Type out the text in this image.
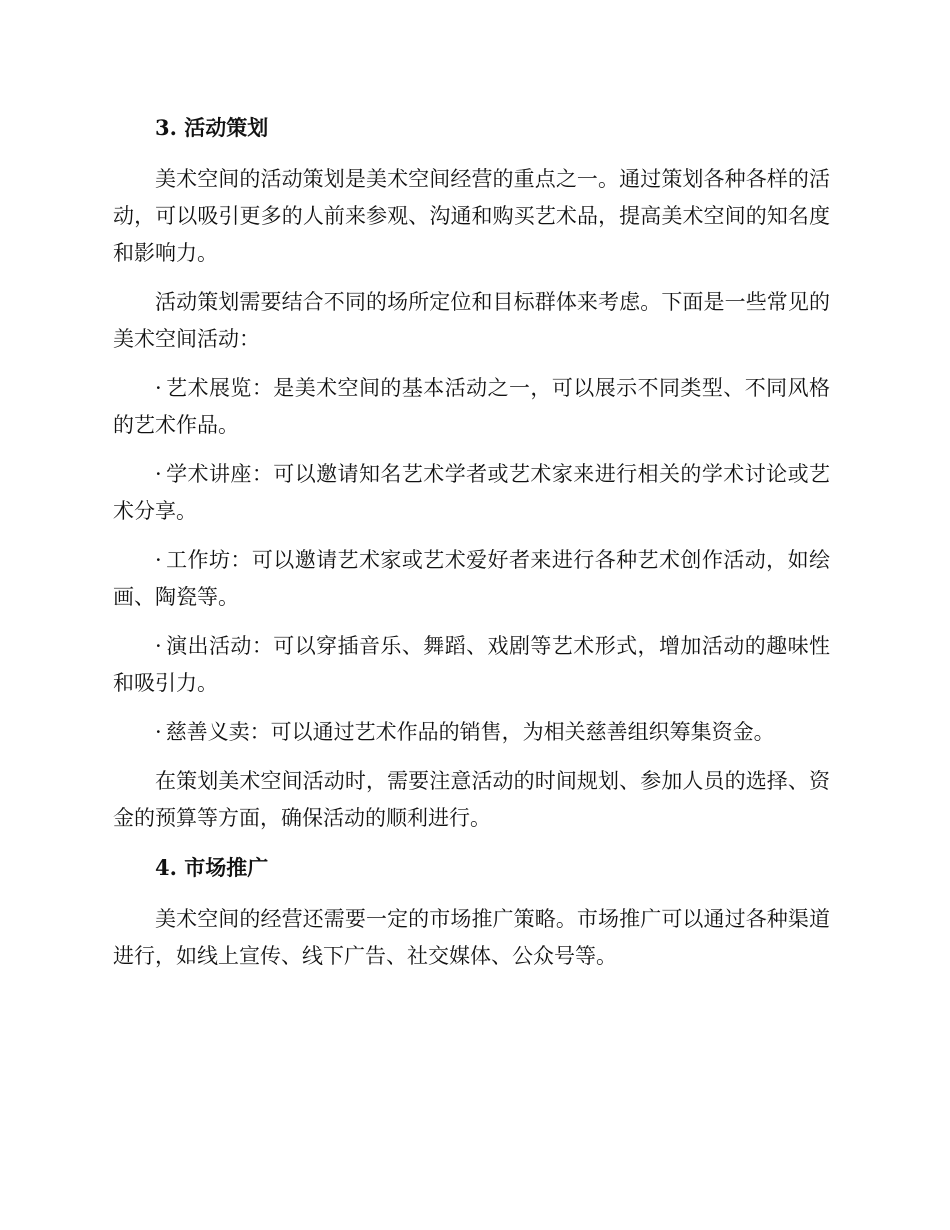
3. 活动策划

美术空间的活动策划是美术空间经营的重点之一。通过策划各种各样的活动，可以吸引更多的人前来参观、沟通和购买艺术品，提高美术空间的知名度和影响力。

活动策划需要结合不同的场所定位和目标群体来考虑。下面是一些常见的美术空间活动：

· 艺术展览：是美术空间的基本活动之一，可以展示不同类型、不同风格的艺术作品。

· 学术讲座：可以邀请知名艺术学者或艺术家来进行相关的学术讨论或艺术分享。

· 工作坊：可以邀请艺术家或艺术爱好者来进行各种艺术创作活动，如绘画、陶瓷等。

· 演出活动：可以穿插音乐、舞蹈、戏剧等艺术形式，增加活动的趣味性和吸引力。

· 慈善义卖：可以通过艺术作品的销售，为相关慈善组织筹集资金。

在策划美术空间活动时，需要注意活动的时间规划、参加人员的选择、资金的预算等方面，确保活动的顺利进行。

4. 市场推广

美术空间的经营还需要一定的市场推广策略。市场推广可以通过各种渠道进行，如线上宣传、线下广告、社交媒体、公众号等。
